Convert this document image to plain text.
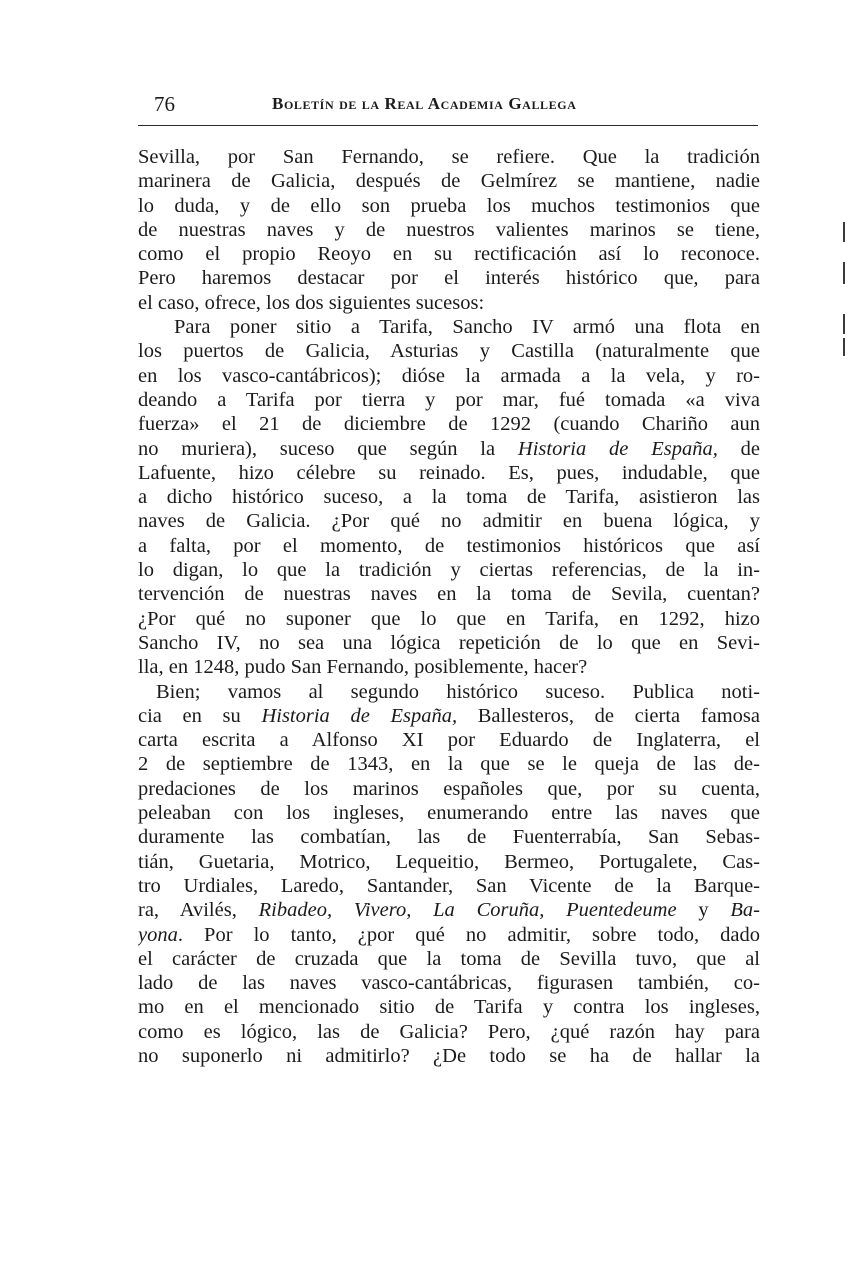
76	Boletín de la Real Academia Gallega
Sevilla, por San Fernando, se refiere. Que la tradición
marinera de Galicia, después de Gelmírez se mantiene, nadie
lo duda, y de ello son prueba los muchos testimonios que
de nuestras naves y de nuestros valientes marinos se tiene,
como el propio Reoyo en su rectificación así lo reconoce.
Pero haremos destacar por el interés histórico que, para
el caso, ofrece, los dos siguientes sucesos:
Para poner sitio a Tarifa, Sancho IV armó una flota en
los puertos de Galicia, Asturias y Castilla (naturalmente que
en los vasco-cantábricos); dióse la armada a la vela, y ro-
deando a Tarifa por tierra y por mar, fué tomada «a viva
fuerza» el 21 de diciembre de 1292 (cuando Chariño aun
no muriera), suceso que según la Historia de España, de
Lafuente, hizo célebre su reinado. Es, pues, indudable, que
a dicho histórico suceso, a la toma de Tarifa, asistieron las
naves de Galicia. ¿Por qué no admitir en buena lógica, y
a falta, por el momento, de testimonios históricos que así
lo digan, lo que la tradición y ciertas referencias, de la in-
tervención de nuestras naves en la toma de Sevila, cuentan?
¿Por qué no suponer que lo que en Tarifa, en 1292, hizo
Sancho IV, no sea una lógica repetición de lo que en Sevi-
lla, en 1248, pudo San Fernando, posiblemente, hacer?
Bien; vamos al segundo histórico suceso. Publica noti-
cia en su Historia de España, Ballesteros, de cierta famosa
carta escrita a Alfonso XI por Eduardo de Inglaterra, el
2 de septiembre de 1343, en la que se le queja de las de-
predaciones de los marinos españoles que, por su cuenta,
peleaban con los ingleses, enumerando entre las naves que
duramente las combatían, las de Fuenterrabía, San Sebas-
tián, Guetaria, Motrico, Lequeitio, Bermeo, Portugalete, Cas-
tro Urdiales, Laredo, Santander, San Vicente de la Barque-
ra, Avilés, Ribadeo, Vivero, La Coruña, Puentedeume y Ba-
yona. Por lo tanto, ¿por qué no admitir, sobre todo, dado
el carácter de cruzada que la toma de Sevilla tuvo, que al
lado de las naves vasco-cantábricas, figurasen también, co-
mo en el mencionado sitio de Tarifa y contra los ingleses,
como es lógico, las de Galicia? Pero, ¿qué razón hay para
no suponerlo ni admitirlo? ¿De todo se ha de hallar la
